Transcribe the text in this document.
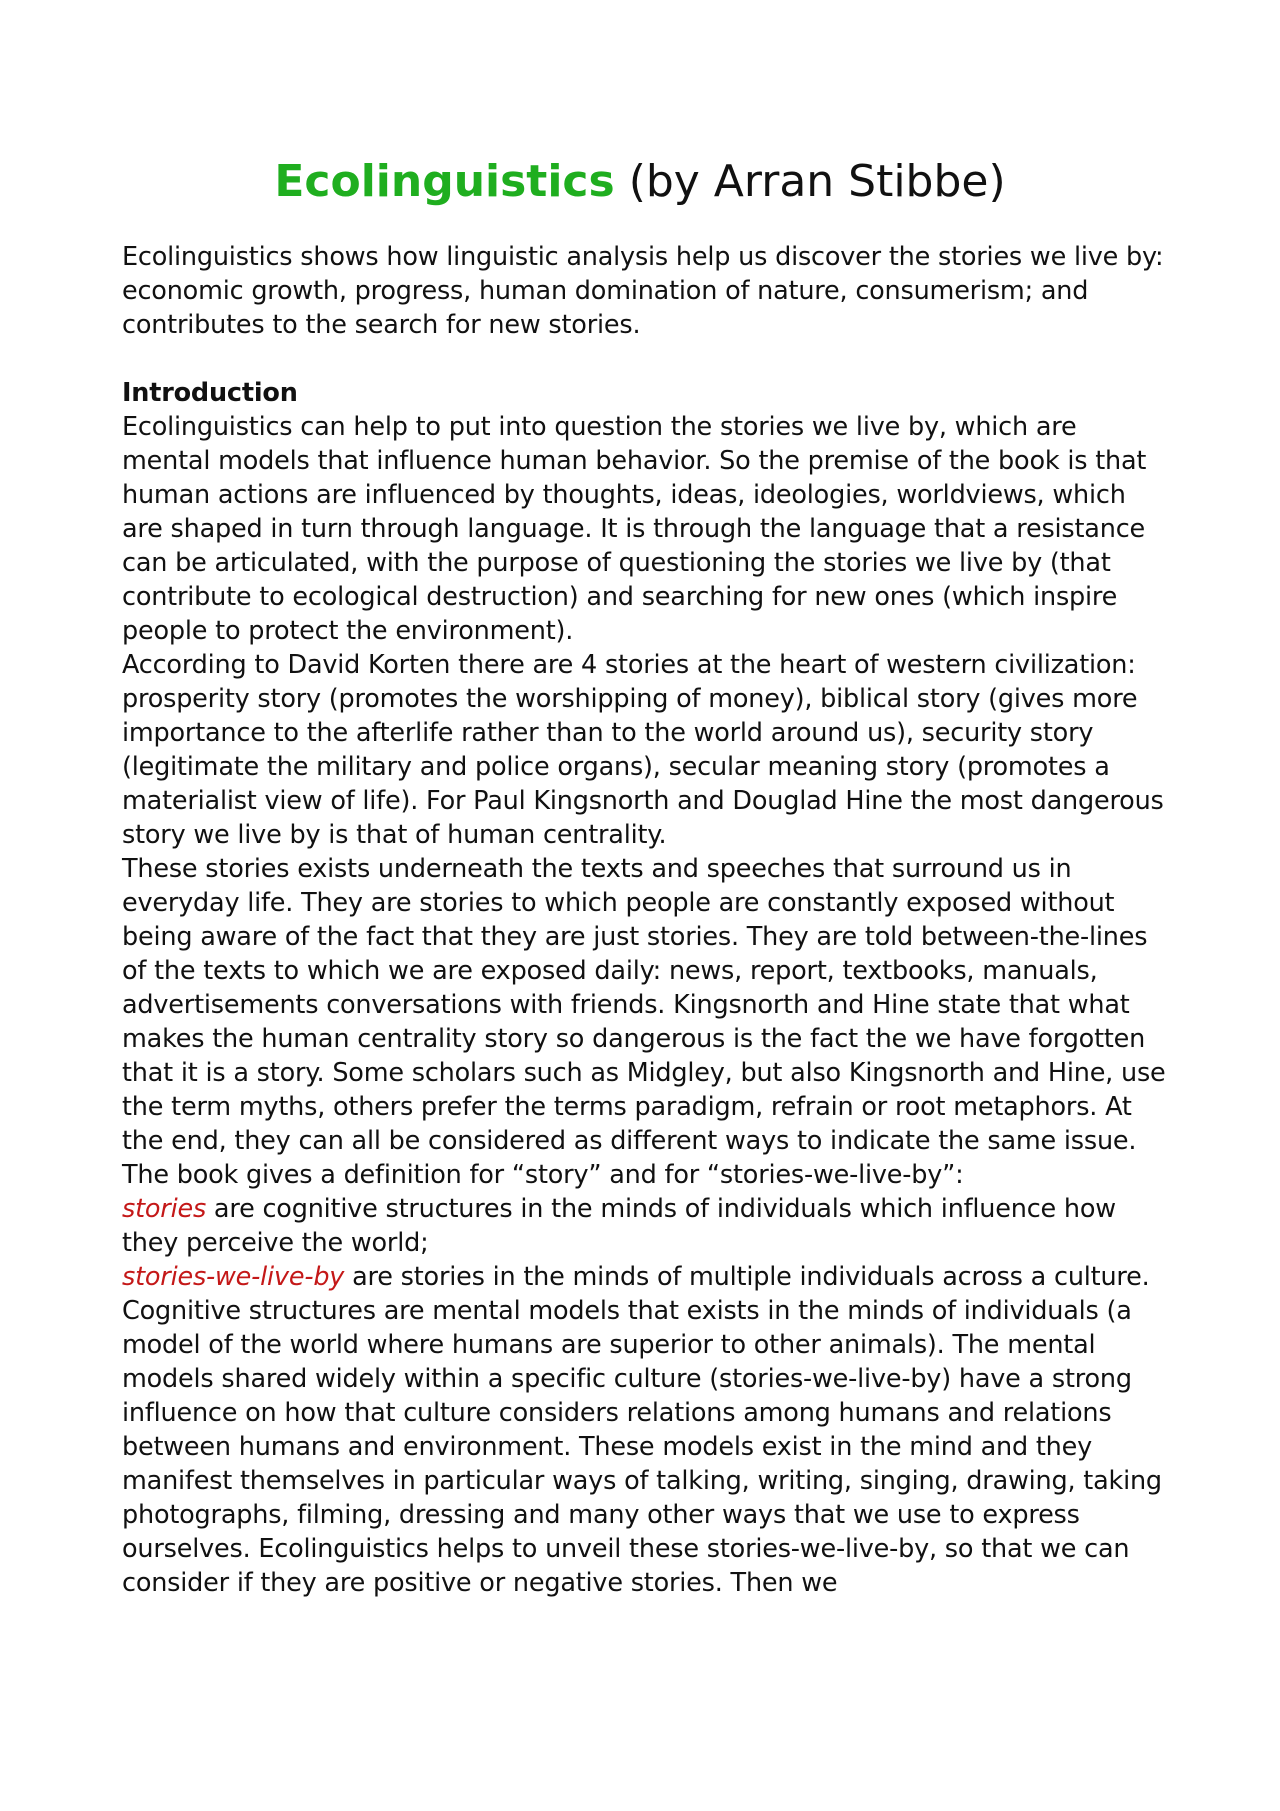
Ecolinguistics (by Arran Stibbe)

Ecolinguistics shows how linguistic analysis help us discover the stories we live by: economic growth, progress, human domination of nature, consumerism; and contributes to the search for new stories.

Introduction

Ecolinguistics can help to put into question the stories we live by, which are mental models that influence human behavior. So the premise of the book is that human actions are influenced by thoughts, ideas, ideologies, worldviews, which are shaped in turn through language. It is through the language that a resistance can be articulated, with the purpose of questioning the stories we live by (that contribute to ecological destruction) and searching for new ones (which inspire people to protect the environment).

According to David Korten there are 4 stories at the heart of western civilization: prosperity story (promotes the worshipping of money), biblical story (gives more importance to the afterlife rather than to the world around us), security story (legitimate the military and police organs), secular meaning story (promotes a materialist view of life). For Paul Kingsnorth and Douglad Hine the most dangerous story we live by is that of human centrality.

These stories exists underneath the texts and speeches that surround us in everyday life. They are stories to which people are constantly exposed without being aware of the fact that they are just stories. They are told between-the-lines of the texts to which we are exposed daily: news, report, textbooks, manuals, advertisements conversations with friends. Kingsnorth and Hine state that what makes the human centrality story so dangerous is the fact the we have forgotten that it is a story. Some scholars such as Midgley, but also Kingsnorth and Hine, use the term myths, others prefer the terms paradigm, refrain or root metaphors. At the end, they can all be considered as different ways to indicate the same issue.

The book gives a definition for “story” and for “stories-we-live-by”:

stories are cognitive structures in the minds of individuals which influence how they perceive the world;

stories-we-live-by are stories in the minds of multiple individuals across a culture.

Cognitive structures are mental models that exists in the minds of individuals (a model of the world where humans are superior to other animals). The mental models shared widely within a specific culture (stories-we-live-by) have a strong influence on how that culture considers relations among humans and relations between humans and environment. These models exist in the mind and they manifest themselves in particular ways of talking, writing, singing, drawing, taking photographs, filming, dressing and many other ways that we use to express ourselves. Ecolinguistics helps to unveil these stories-we-live-by, so that we can consider if they are positive or negative stories. Then we
